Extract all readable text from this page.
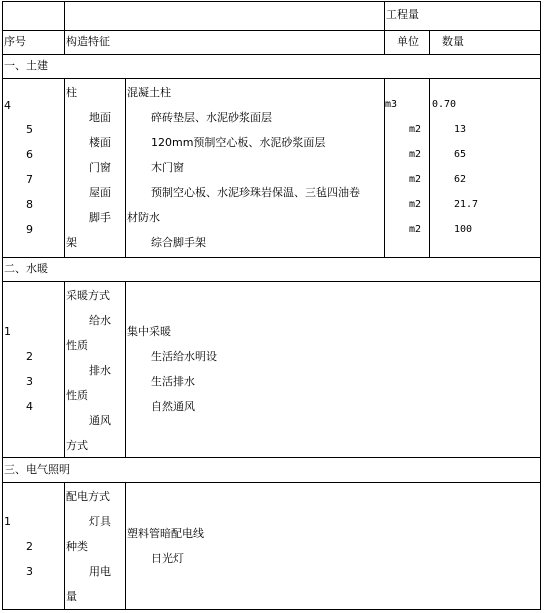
工程量
序号	构造特征	单位 数量
一、土建
4
5
6
7
8
9
柱
地面
楼面
门窗
屋面
脚手
架
混凝土柱
碎砖垫层、水泥砂浆面层
120mm预制空心板、水泥砂浆面层
木门窗
预制空心板、水泥珍珠岩保温、三毡四油卷
材防水
综合脚手架
m3
m2
m2
m2
m2
m2
0.70
13
65
62
21.7
100
二、水暖
1
2
3
4
采暖方式
给水
性质
排水
性质
通风
方式
集中采暖
生活给水明设
生活排水
自然通风
三、电气照明
1
2
3
配电方式
灯具
种类
用电
量
塑料管暗配电线
日光灯
